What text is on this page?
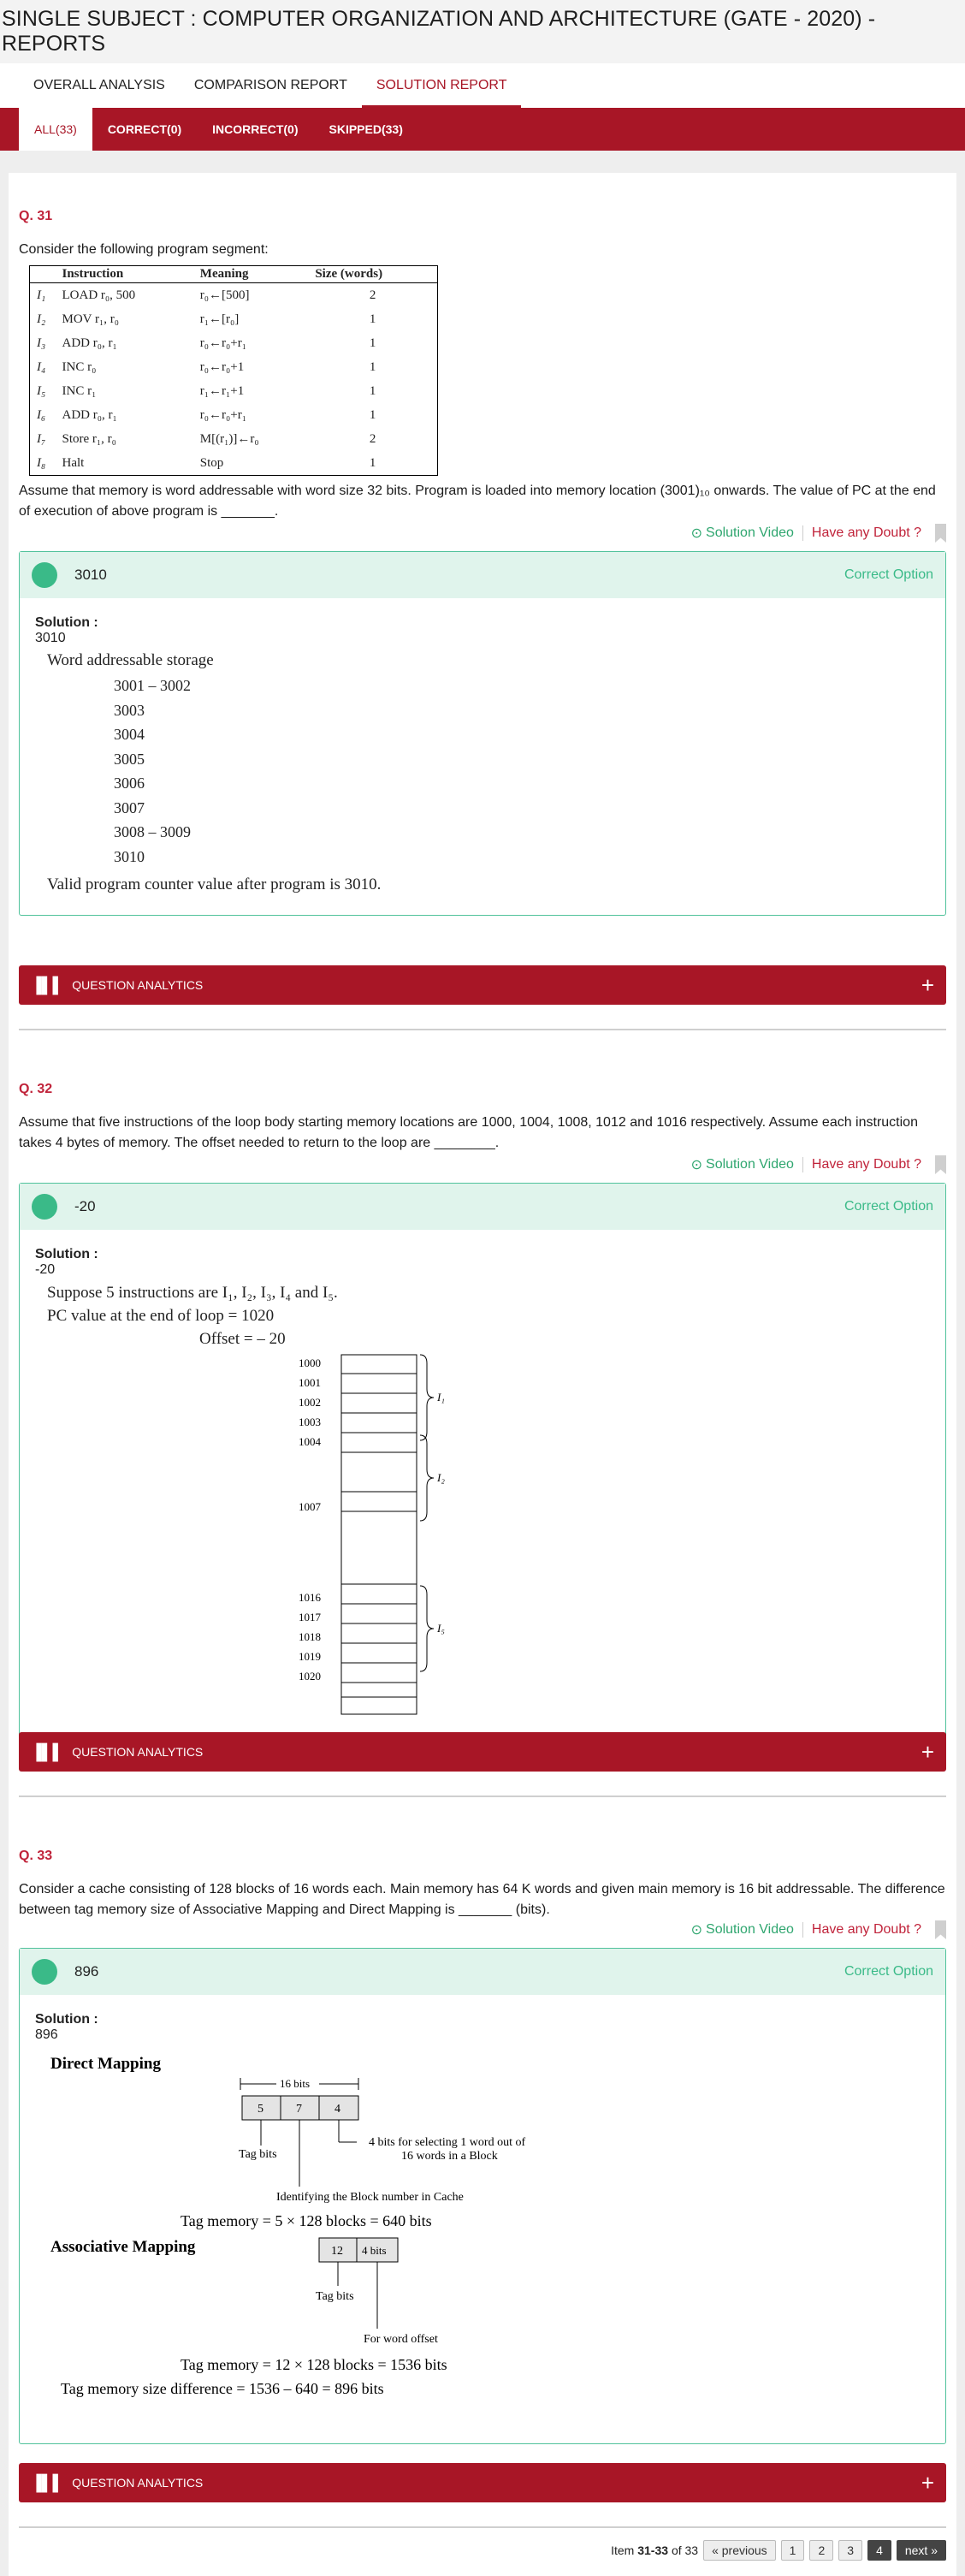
SINGLE SUBJECT : COMPUTER ORGANIZATION AND ARCHITECTURE (GATE - 2020) - REPORTS
OVERALL ANALYSIS	COMPARISON REPORT	SOLUTION REPORT
ALL(33)	CORRECT(0)	INCORRECT(0)	SKIPPED(33)
Q. 31
Consider the following program segment:
	Instruction	Meaning	Size (words)
I₁	LOAD r₀, 500	r₀←[500]	2
I₂	MOV r₁, r₀	r₁←[r₀]	1
I₃	ADD r₀, r₁	r₀←r₀+r₁	1
I₄	INC r₀	r₀←r₀+1	1
I₅	INC r₁	r₁←r₁+1	1
I₆	ADD r₀, r₁	r₀←r₀+r₁	1
I₇	Store r₁, r₀	M[(r₁)]←r₀	2
I₈	Halt	Stop	1
Assume that memory is word addressable with word size 32 bits. Program is loaded into memory location (3001)₁₀ onwards. The value of PC at the end of execution of above program is _______.
⊙ Solution Video Have any Doubt ?
3010	Correct Option
Solution :
3010
Word addressable storage
3001 – 3002
3003
3004
3005
3006
3007
3008 – 3009
3010
Valid program counter value after program is 3010.
▐▌▌ QUESTION ANALYTICS	+
Q. 32
Assume that five instructions of the loop body starting memory locations are 1000, 1004, 1008, 1012 and 1016 respectively. Assume each instruction takes 4 bytes of memory. The offset needed to return to the loop are ________.
⊙ Solution Video Have any Doubt ?
-20	Correct Option
Solution :
-20
Suppose 5 instructions are I₁, I₂, I₃, I₄ and I₅.
PC value at the end of loop = 1020
Offset = – 20
1000
1001
1002
1003
1004
1007
1016
1017
1018
1019
1020
I₁
I₂
I₅
▐▌▌ QUESTION ANALYTICS	+
Q. 33
Consider a cache consisting of 128 blocks of 16 words each. Main memory has 64 K words and given main memory is 16 bit addressable. The difference between tag memory size of Associative Mapping and Direct Mapping is _______ (bits).
⊙ Solution Video Have any Doubt ?
896	Correct Option
Solution :
896
Direct Mapping
16 bits
5	7	4
Tag bits
4 bits for selecting 1 word out of
16 words in a Block
Identifying the Block number in Cache
Tag memory = 5 × 128 blocks = 640 bits
Associative Mapping	12 4 bits
Tag bits
For word offset
Tag memory = 12 × 128 blocks = 1536 bits
Tag memory size difference = 1536 – 640 = 896 bits
▐▌▌ QUESTION ANALYTICS	+
Item 31-33 of 33	« previous	1	2	3	4	next »
